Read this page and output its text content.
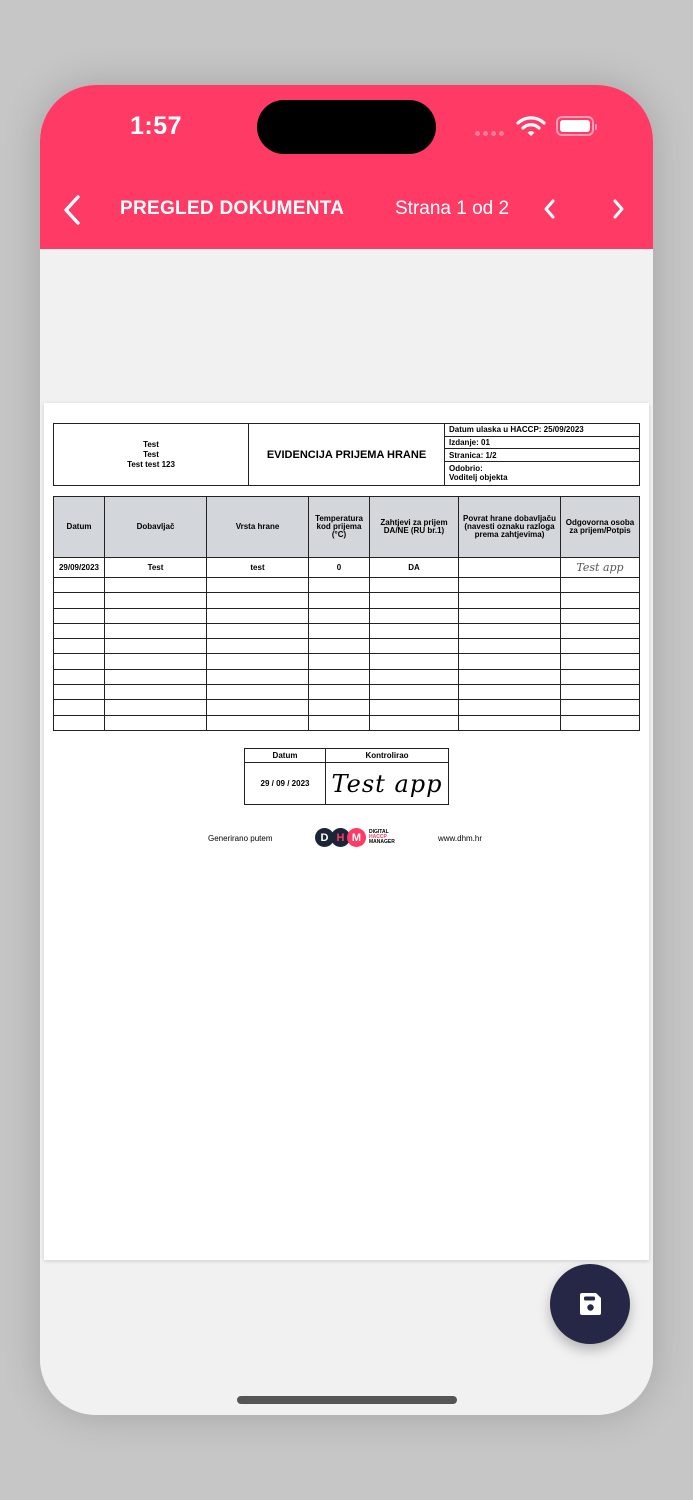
1:57
PREGLED DOKUMENTA	Strana 1 od 2
Test
Test
Test test 123
	EVIDENCIJA PRIJEMA HRANE	Datum ulaska u HACCP: 25/09/2023
Izdanje: 01
Stranica: 1/2

Odobrio:
Voditelj objekta
Datum	Dobavljač	Vrsta hrane	Temperatura kod prijema (°C)	Zahtjevi za prijem DA/NE (RU br.1)	Povrat hrane dobavljaču (navesti oznaku razloga prema zahtjevima)	Odgovorna osoba za prijem/Potpis
29/09/2023	Test	test	0	DA		Test app

Datum	Kontrolirao
29 / 09 / 2023	Test app
Generirano putem	D H M	DIGITAL
HACCP
MANAGER	www.dhm.hr
